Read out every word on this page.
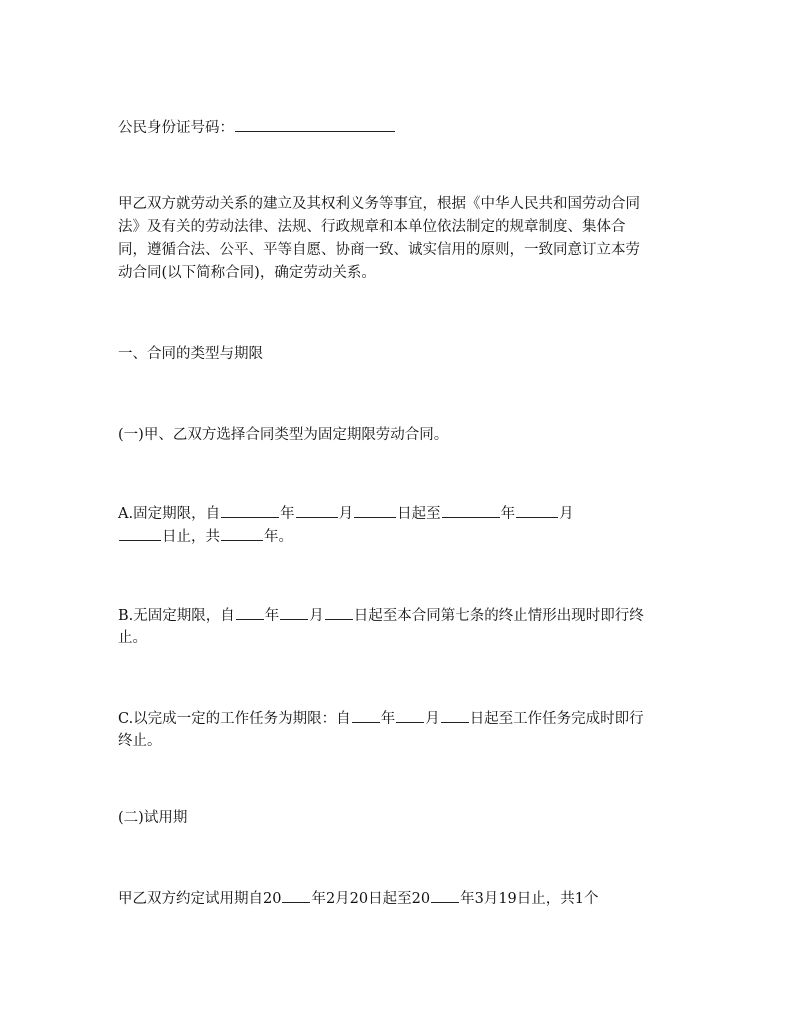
公民身份证号码：
甲乙双方就劳动关系的建立及其权利义务等事宜，根据《中华人民共和国劳动合同
法》及有关的劳动法律、法规、行政规章和本单位依法制定的规章制度、集体合
同，遵循合法、公平、平等自愿、协商一致、诚实信用的原则，一致同意订立本劳
动合同(以下简称合同)，确定劳动关系。
一、合同的类型与期限
(一)甲、乙双方选择合同类型为固定期限劳动合同。
A.固定期限，自	年	月	日起至	年	月
日止，共	年。
B.无固定期限，自 年 月 日起至本合同第七条的终止情形出现时即行终
止。
C.以完成一定的工作任务为期限：自 年 月 日起至工作任务完成时即行
终止。
(二)试用期
甲乙双方约定试用期自20 年2月20日起至20 年3月19日止，共1个
